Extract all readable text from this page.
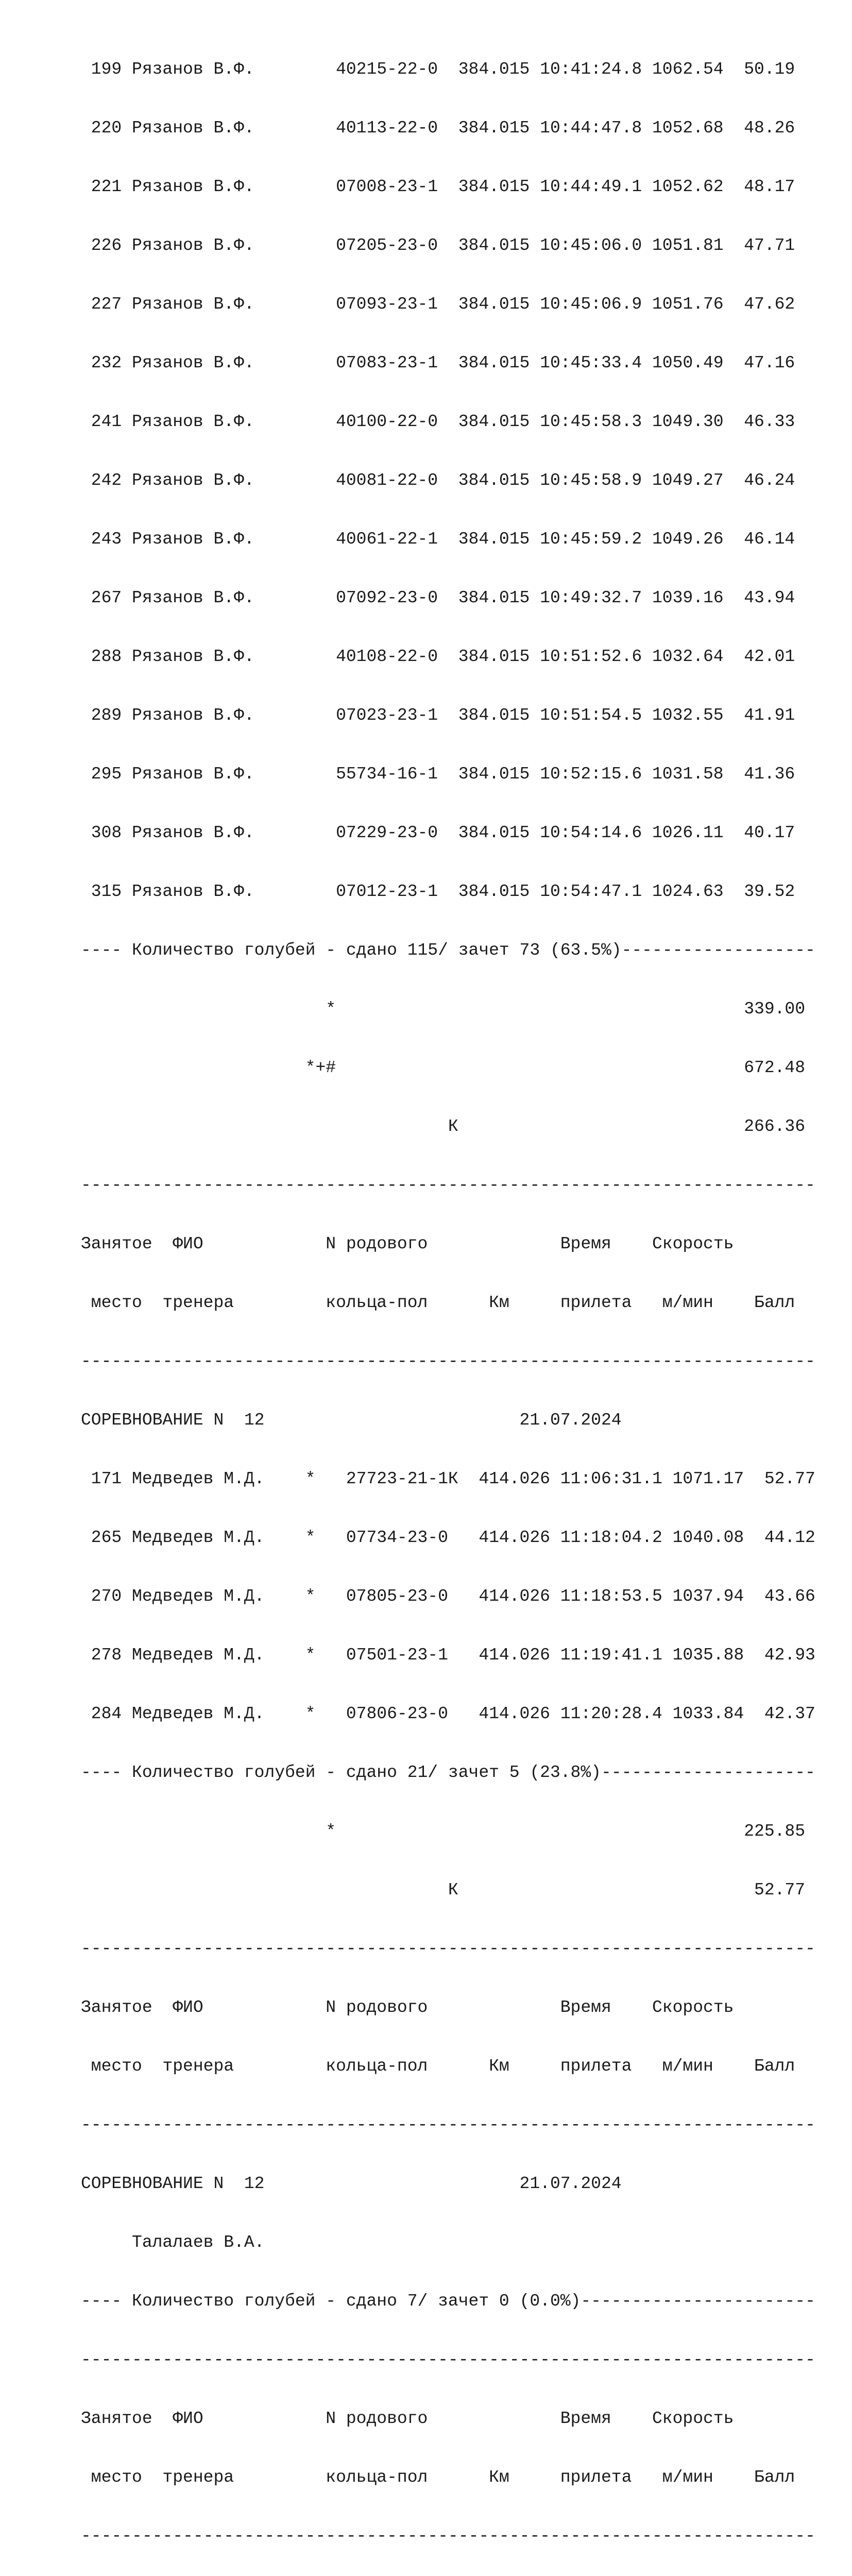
199 Рязанов В.Ф.        40215-22-0  384.015 10:41:24.8 1062.54  50.19

220 Рязанов В.Ф.        40113-22-0  384.015 10:44:47.8 1052.68  48.26

221 Рязанов В.Ф.        07008-23-1  384.015 10:44:49.1 1052.62  48.17

226 Рязанов В.Ф.        07205-23-0  384.015 10:45:06.0 1051.81  47.71

227 Рязанов В.Ф.        07093-23-1  384.015 10:45:06.9 1051.76  47.62

232 Рязанов В.Ф.        07083-23-1  384.015 10:45:33.4 1050.49  47.16

241 Рязанов В.Ф.        40100-22-0  384.015 10:45:58.3 1049.30  46.33

242 Рязанов В.Ф.        40081-22-0  384.015 10:45:58.9 1049.27  46.24

243 Рязанов В.Ф.        40061-22-1  384.015 10:45:59.2 1049.26  46.14

267 Рязанов В.Ф.        07092-23-0  384.015 10:49:32.7 1039.16  43.94

288 Рязанов В.Ф.        40108-22-0  384.015 10:51:52.6 1032.64  42.01

289 Рязанов В.Ф.        07023-23-1  384.015 10:51:54.5 1032.55  41.91

295 Рязанов В.Ф.        55734-16-1  384.015 10:52:15.6 1031.58  41.36

308 Рязанов В.Ф.        07229-23-0  384.015 10:54:14.6 1026.11  40.17

315 Рязанов В.Ф.        07012-23-1  384.015 10:54:47.1 1024.63  39.52

---- Количество голубей - сдано 115/ зачет 73 (63.5%)-------------------

*                                        339.00

*+#                                        672.48

К                            266.36

------------------------------------------------------------------------

Занятое  ФИО            N родового             Время    Скорость

место  тренера         кольца-пол      Км     прилета   м/мин    Балл

------------------------------------------------------------------------

СОРЕВНОВАНИЕ N  12                         21.07.2024

171 Медведев М.Д.    *   27723-21-1К  414.026 11:06:31.1 1071.17  52.77

265 Медведев М.Д.    *   07734-23-0   414.026 11:18:04.2 1040.08  44.12

270 Медведев М.Д.    *   07805-23-0   414.026 11:18:53.5 1037.94  43.66

278 Медведев М.Д.    *   07501-23-1   414.026 11:19:41.1 1035.88  42.93

284 Медведев М.Д.    *   07806-23-0   414.026 11:20:28.4 1033.84  42.37

---- Количество голубей - сдано 21/ зачет 5 (23.8%)---------------------

*                                        225.85

К                             52.77

------------------------------------------------------------------------

Занятое  ФИО            N родового             Время    Скорость

место  тренера         кольца-пол      Км     прилета   м/мин    Балл

------------------------------------------------------------------------

СОРЕВНОВАНИЕ N  12                         21.07.2024

Талалаев В.А.

---- Количество голубей - сдано 7/ зачет 0 (0.0%)-----------------------

------------------------------------------------------------------------

Занятое  ФИО            N родового             Время    Скорость

место  тренера         кольца-пол      Км     прилета   м/мин    Балл

------------------------------------------------------------------------
